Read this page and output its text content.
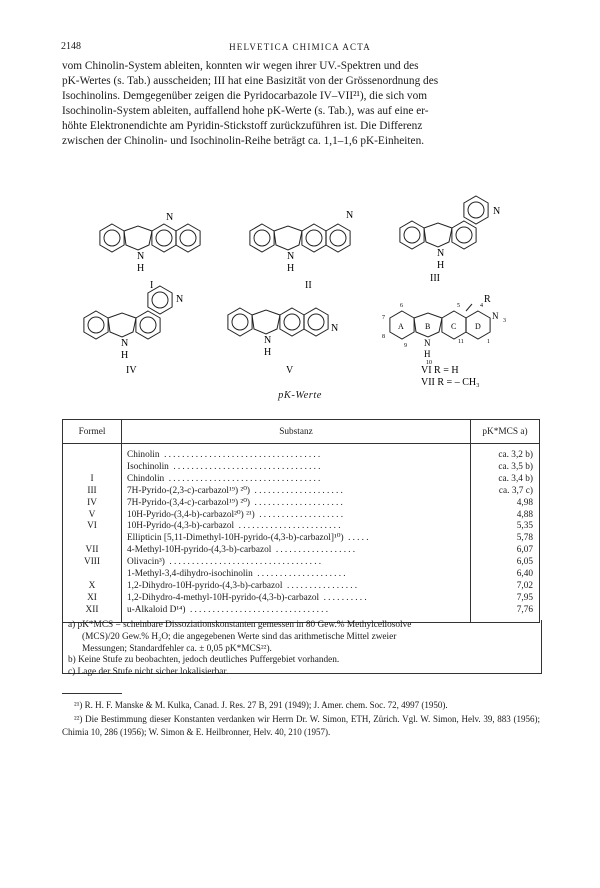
2148	HELVETICA CHIMICA ACTA

vom Chinolin-System ableiten, konnten wir wegen ihrer UV.-Spektren und des

pK-Wertes (s. Tab.) ausscheiden; III hat eine Basizität von der Grössenordnung des

Isochinolins. Demgegenüber zeigen die Pyridocarbazole IV–VII²¹), die sich vom

Isochinolin-System ableiten, auffallend hohe pK-Werte (s. Tab.), was auf eine er-

höhte Elektronendichte am Pyridin-Stickstoff zurückzuführen ist. Die Differenz

zwischen der Chinolin- und Isochinolin-Reihe beträgt ca. 1,1–1,6 pK-Einheiten.

N
N
H
I
N
N
H
II
N
N
H
III
N
N
H
IV
N
N
H
V
R
N
A	B	C D
1
3
4
5
6
7
8
9
10
11
N
H
VI R = H
VII R = – CH₃
pK-Werte
Formel	Substanz	pK*MCS a)
	Chinolin ...................................	ca. 3,2 b)
	Isochinolin .................................	ca. 3,5 b)
I	Chindolin ..................................	ca. 3,4 b)
III	7H-Pyrido-(2,3-c)-carbazol¹⁹) ²⁰) ....................	ca. 3,7 c)
IV	7H-Pyrido-(3,4-c)-carbazol¹⁹) ²⁰) ....................	4,98
V	10H-Pyrido-(3,4-b)-carbazol²⁰) ²¹) ...................	4,88
VI	10H-Pyrido-(4,3-b)-carbazol .......................	5,35
	Ellipticin [5,11-Dimethyl-10H-pyrido-(4,3-b)-carbazol]¹⁰) .....	5,78
VII	4-Methyl-10H-pyrido-(4,3-b)-carbazol ..................	6,07
VIII	Olivacin³) ..................................	6,05
	1-Methyl-3,4-dihydro-isochinolin ....................	6,40
X	1,2-Dihydro-10H-pyrido-(4,3-b)-carbazol ................	7,02
XI	1,2-Dihydro-4-methyl-10H-pyrido-(4,3-b)-carbazol ..........	7,95
XII	u-Alkaloid D¹⁴) ...............................	7,76
a) pK*MCS = scheinbare Dissoziationskonstanten gemessen in 80 Gew.% Methylcellosolve
(MCS)/20 Gew.% H₂O; die angegebenen Werte sind das arithmetische Mittel zweier
Messungen; Standardfehler ca. ± 0,05 pK*MCS²²).
b) Keine Stufe zu beobachten, jedoch deutliches Puffergebiet vorhanden.
c) Lage der Stufe nicht sicher lokalisierbar.

²¹) R. H. F. Manske & M. Kulka, Canad. J. Res. 27 B, 291 (1949); J. Amer. chem. Soc. 72, 4997 (1950).

²²) Die Bestimmung dieser Konstanten verdanken wir Herrn Dr. W. Simon, ETH, Zürich. Vgl. W. Simon, Helv. 39, 883 (1956); Chimia 10, 286 (1956); W. Simon & E. Heilbronner, Helv. 40, 210 (1957).
